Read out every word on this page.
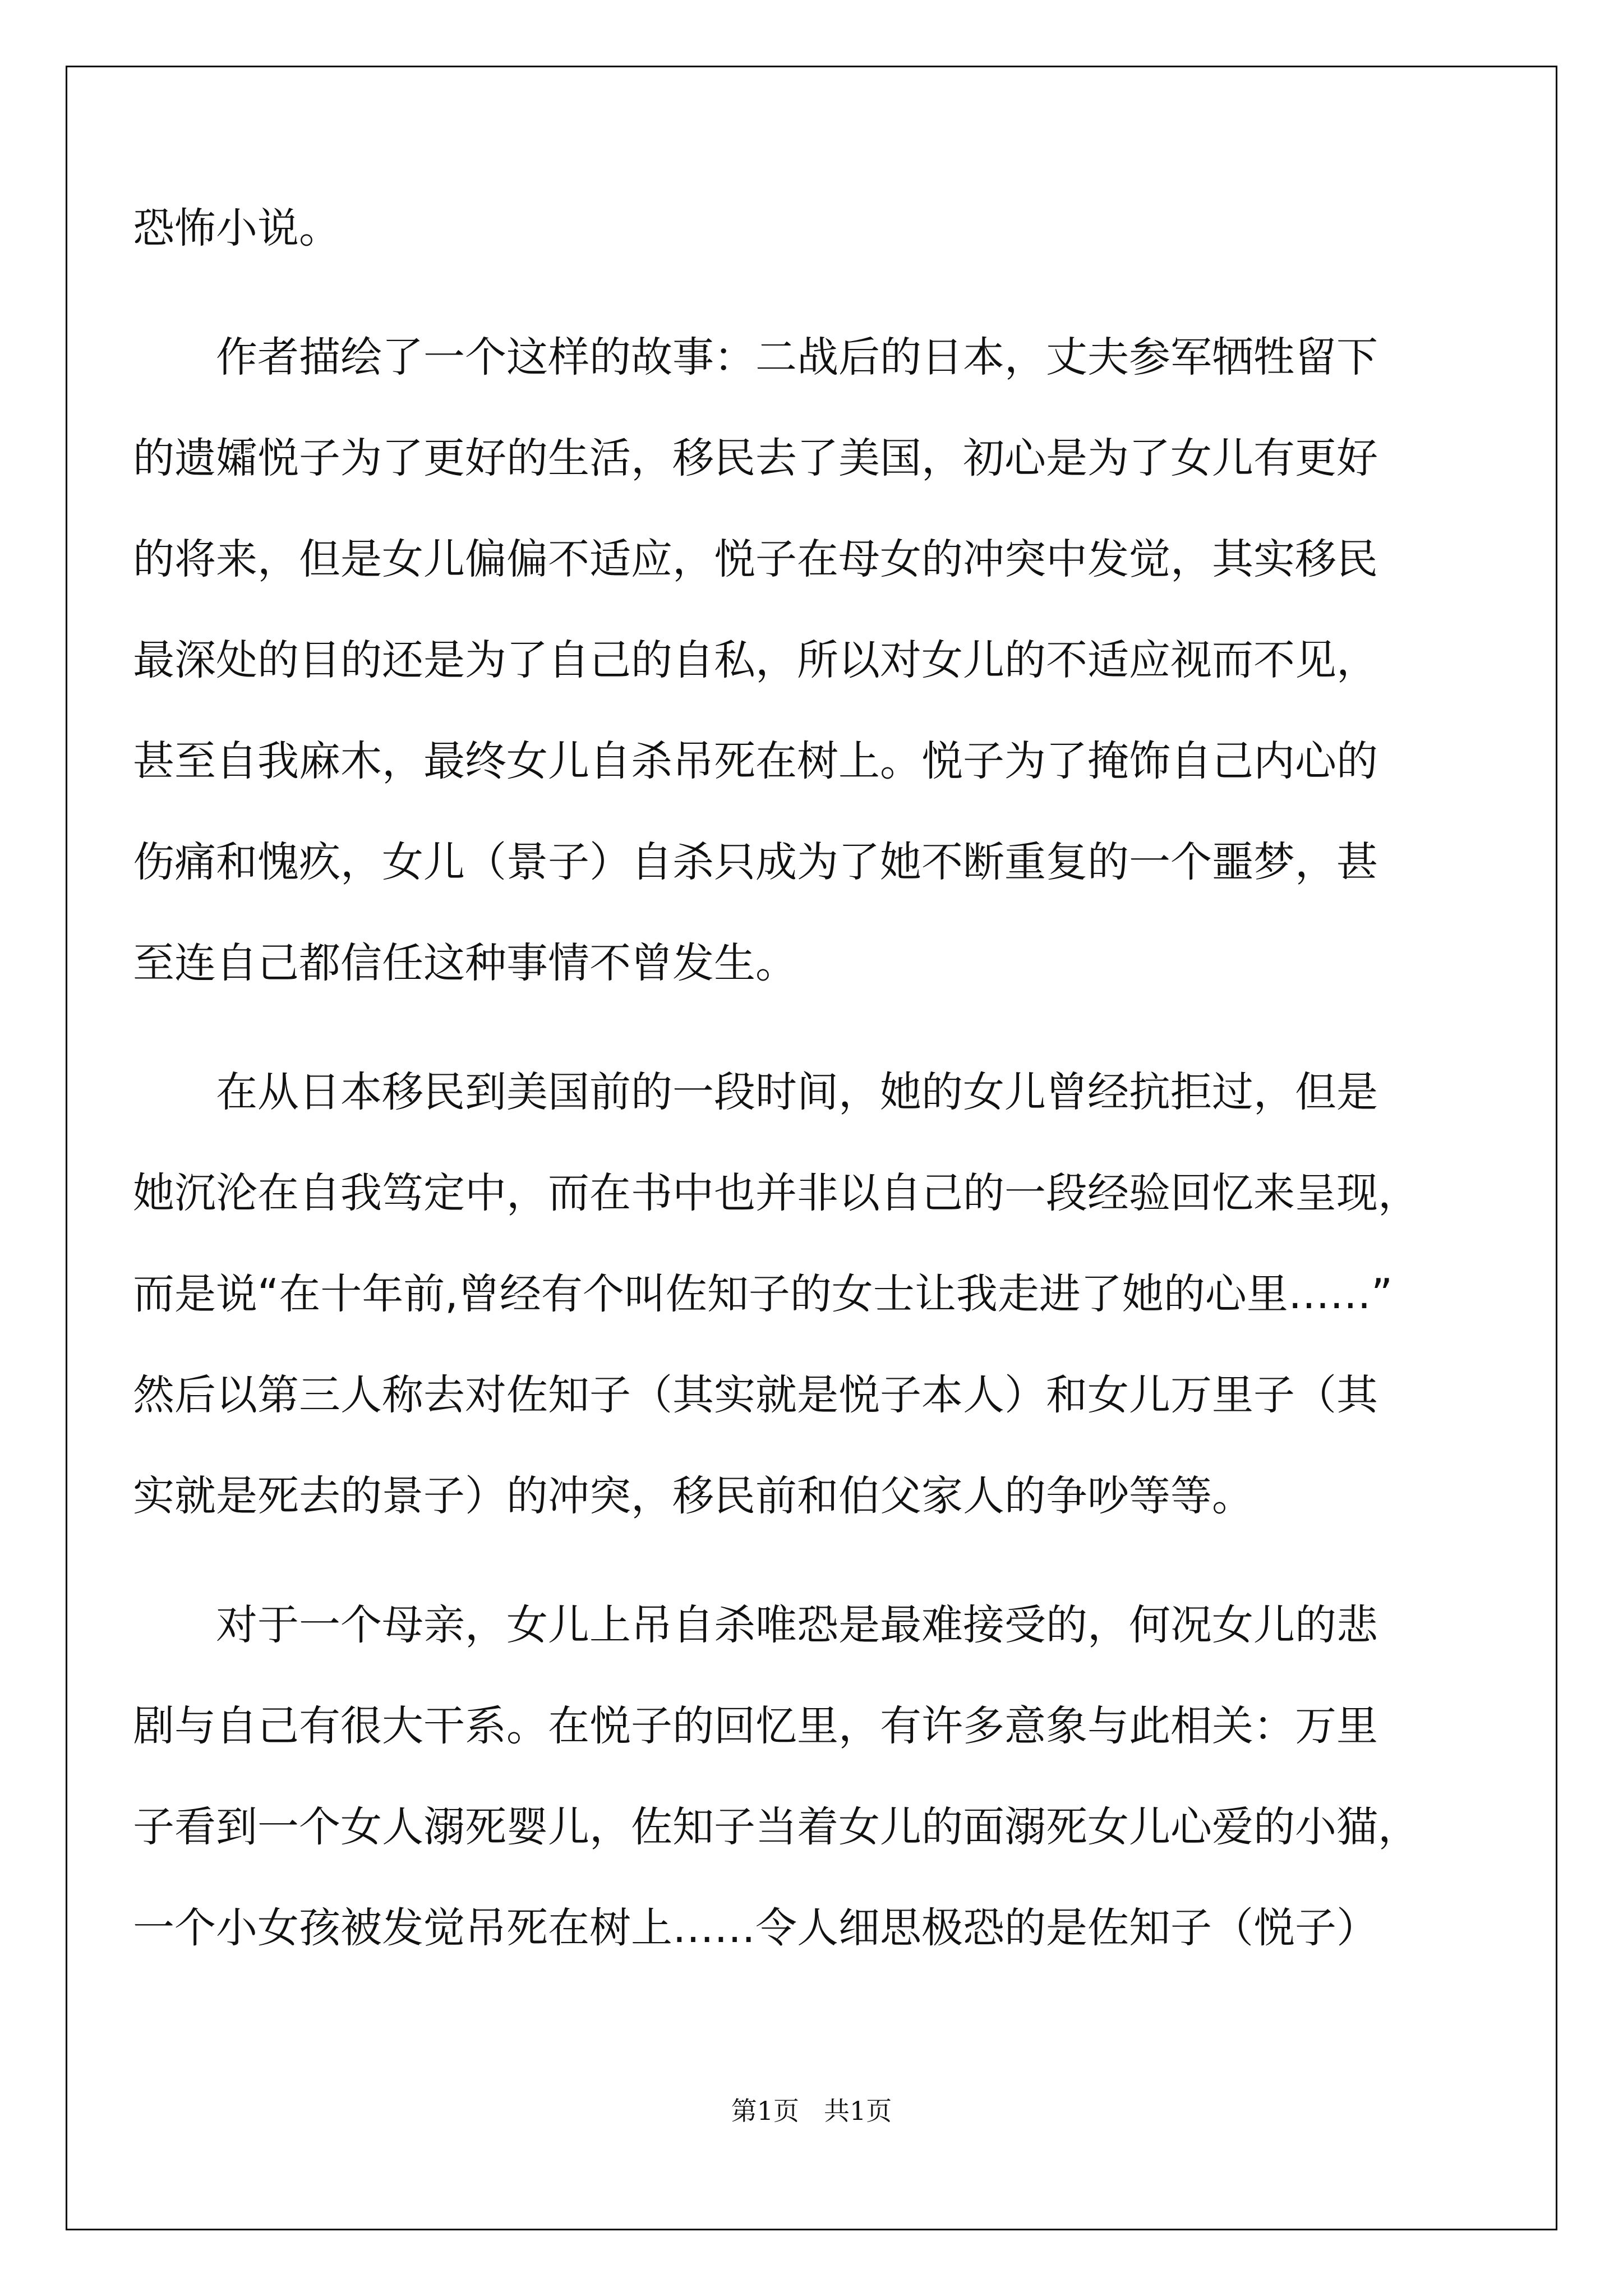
恐怖小说。
作者描绘了一个这样的故事：二战后的日本，丈夫参军牺牲留下
的遗孀悦子为了更好的生活，移民去了美国，初心是为了女儿有更好
的将来，但是女儿偏偏不适应，悦子在母女的冲突中发觉，其实移民
最深处的目的还是为了自己的自私，所以对女儿的不适应视而不见，
甚至自我麻木，最终女儿自杀吊死在树上。悦子为了掩饰自己内心的
伤痛和愧疚，女儿（景子）自杀只成为了她不断重复的一个噩梦，甚
至连自己都信任这种事情不曾发生。
在从日本移民到美国前的一段时间，她的女儿曾经抗拒过，但是
她沉沦在自我笃定中，而在书中也并非以自己的一段经验回忆来呈现，
而是说“在十年前,曾经有个叫佐知子的女士让我走进了她的心里……”
然后以第三人称去对佐知子（其实就是悦子本人）和女儿万里子（其
实就是死去的景子）的冲突，移民前和伯父家人的争吵等等。
对于一个母亲，女儿上吊自杀唯恐是最难接受的，何况女儿的悲
剧与自己有很大干系。在悦子的回忆里，有许多意象与此相关：万里
子看到一个女人溺死婴儿，佐知子当着女儿的面溺死女儿心爱的小猫，
一个小女孩被发觉吊死在树上……令人细思极恐的是佐知子（悦子）
第1页 共1页
